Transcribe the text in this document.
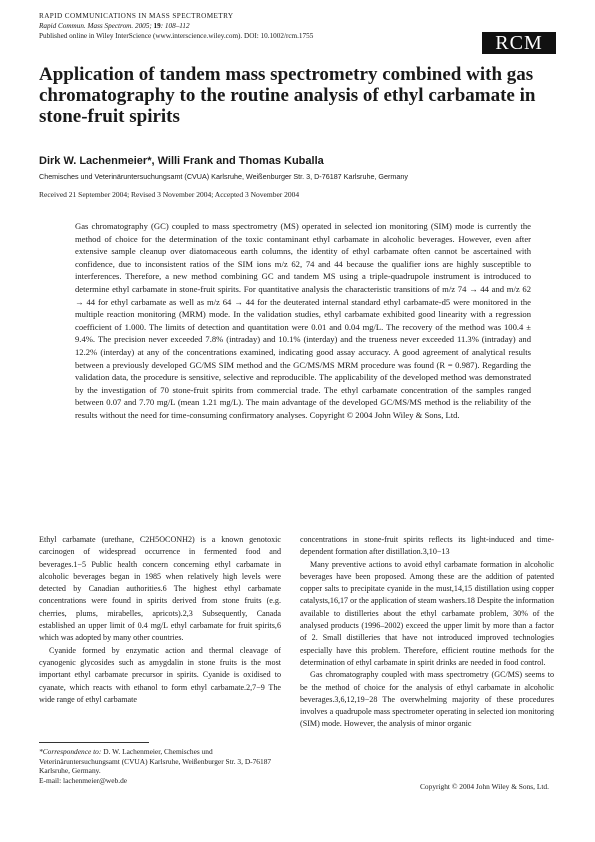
RAPID COMMUNICATIONS IN MASS SPECTROMETRY
Rapid Commun. Mass Spectrom. 2005; 19: 108–112
Published online in Wiley InterScience (www.interscience.wiley.com). DOI: 10.1002/rcm.1755	RCM
Application of tandem mass spectrometry combined with gas chromatography to the routine analysis of ethyl carbamate in stone-fruit spirits
Dirk W. Lachenmeier*, Willi Frank and Thomas Kuballa
Chemisches und Veterinäruntersuchungsamt (CVUA) Karlsruhe, Weißenburger Str. 3, D-76187 Karlsruhe, Germany
Received 21 September 2004; Revised 3 November 2004; Accepted 3 November 2004
Gas chromatography (GC) coupled to mass spectrometry (MS) operated in selected ion monitoring (SIM) mode is currently the method of choice for the determination of the toxic contaminant ethyl carbamate in alcoholic beverages. However, even after extensive sample cleanup over diatomaceous earth columns, the identity of ethyl carbamate often cannot be ascertained with confidence, due to inconsistent ratios of the SIM ions m/z 62, 74 and 44 because the qualifier ions are highly susceptible to interferences. Therefore, a new method combining GC and tandem MS using a triple-quadrupole instrument is introduced to determine ethyl carbamate in stone-fruit spirits. For quantitative analysis the characteristic transitions of m/z 74 → 44 and m/z 62 → 44 for ethyl carbamate as well as m/z 64 → 44 for the deuterated internal standard ethyl carbamate-d5 were monitored in the multiple reaction monitoring (MRM) mode. In the validation studies, ethyl carbamate exhibited good linearity with a regression coefficient of 1.000. The limits of detection and quantitation were 0.01 and 0.04 mg/L. The recovery of the method was 100.4 ± 9.4%. The precision never exceeded 7.8% (intraday) and 10.1% (interday) and the trueness never exceeded 11.3% (intraday) and 12.2% (interday) at any of the concentrations examined, indicating good assay accuracy. A good agreement of analytical results between a previously developed GC/MS SIM method and the GC/MS/MS MRM procedure was found (R = 0.987). Regarding the validation data, the procedure is sensitive, selective and reproducible. The applicability of the developed method was demonstrated by the investigation of 70 stone-fruit spirits from commercial trade. The ethyl carbamate concentration of the samples ranged between 0.07 and 7.70 mg/L (mean 1.21 mg/L). The main advantage of the developed GC/MS/MS method is the reliability of the results without the need for time-consuming confirmatory analyses. Copyright © 2004 John Wiley & Sons, Ltd.

Ethyl carbamate (urethane, C2H5OCONH2) is a known genotoxic carcinogen of widespread occurrence in fermented food and beverages.1−5 Public health concern concerning ethyl carbamate in alcoholic beverages began in 1985 when relatively high levels were detected by Canadian authorities.6 The highest ethyl carbamate concentrations were found in spirits derived from stone fruits (e.g. cherries, plums, mirabelles, apricots).2,3 Subsequently, Canada established an upper limit of 0.4 mg/L ethyl carbamate for fruit spirits,6 which was adopted by many other countries.

Cyanide formed by enzymatic action and thermal cleavage of cyanogenic glycosides such as amygdalin in stone fruits is the most important ethyl carbamate precursor in spirits. Cyanide is oxidised to cyanate, which reacts with ethanol to form ethyl carbamate.2,7−9 The wide range of ethyl carbamate

concentrations in stone-fruit spirits reflects its light-induced and time-dependent formation after distillation.3,10−13

Many preventive actions to avoid ethyl carbamate formation in alcoholic beverages have been proposed. Among these are the addition of patented copper salts to precipitate cyanide in the must,14,15 distillation using copper catalysts,16,17 or the application of steam washers.18 Despite the information available to distilleries about the ethyl carbamate problem, 30% of the analysed products (1996–2002) exceed the upper limit by more than a factor of 2. Small distilleries that have not introduced improved technologies especially have this problem. Therefore, efficient routine methods for the determination of ethyl carbamate in spirit drinks are needed in food control.

Gas chromatography coupled with mass spectrometry (GC/MS) seems to be the method of choice for the analysis of ethyl carbamate in alcoholic beverages.3,6,12,19−28 The overwhelming majority of these procedures involves a quadrupole mass spectrometer operating in selected ion monitoring (SIM) mode. However, the analysis of minor organic

*Correspondence to: D. W. Lachenmeier, Chemisches und Veterinäruntersuchungsamt (CVUA) Karlsruhe, Weißenburger Str. 3, D-76187 Karlsruhe, Germany.
E-mail: lachenmeier@web.de
Copyright © 2004 John Wiley & Sons, Ltd.
